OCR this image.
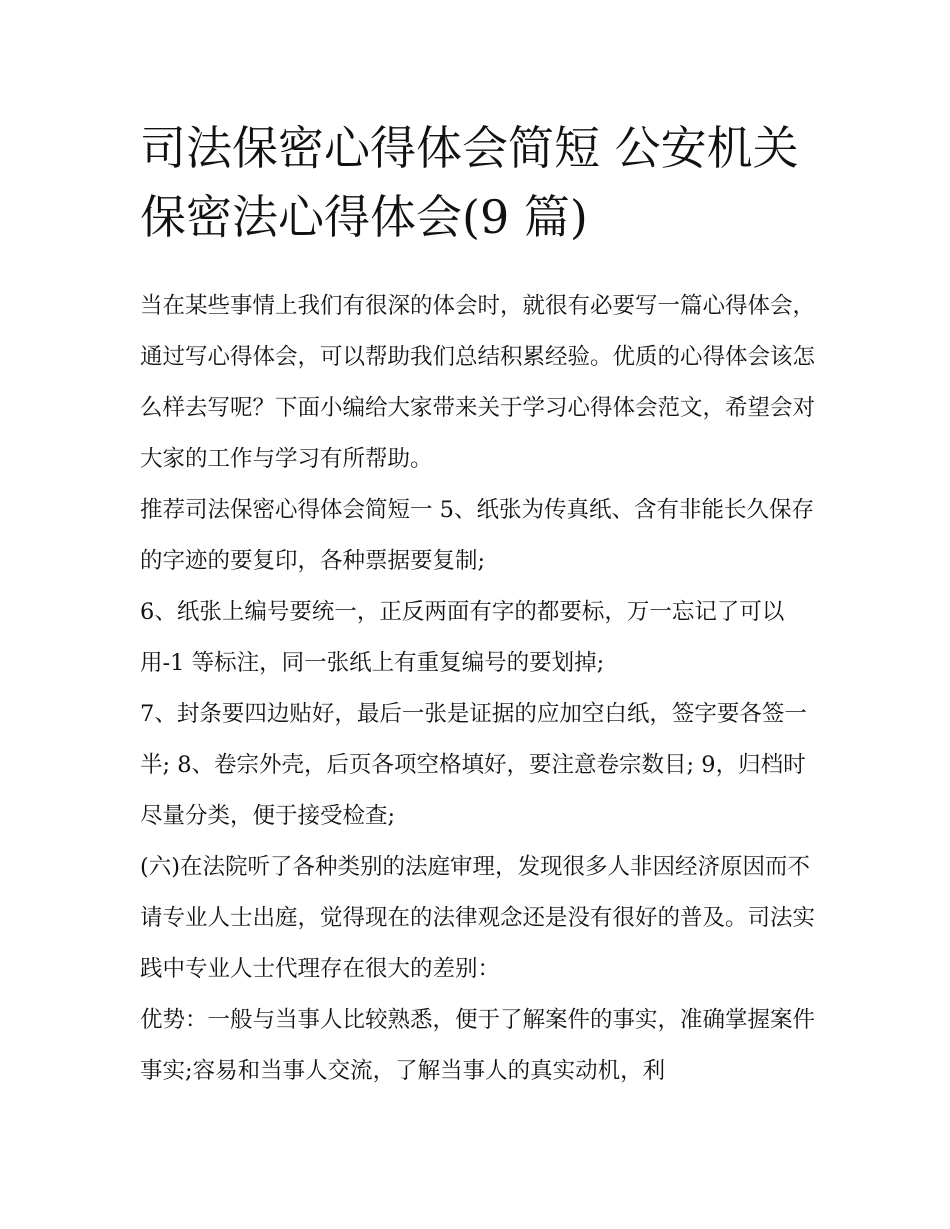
司法保密心得体会简短 公安机关保密法心得体会(9 篇)

当在某些事情上我们有很深的体会时，就很有必要写一篇心得体会，通过写心得体会，可以帮助我们总结积累经验。优质的心得体会该怎么样去写呢？下面小编给大家带来关于学习心得体会范文，希望会对大家的工作与学习有所帮助。

推荐司法保密心得体会简短一 5、纸张为传真纸、含有非能长久保存的字迹的要复印，各种票据要复制;

6、纸张上编号要统一，正反两面有字的都要标，万一忘记了可以用-1 等标注，同一张纸上有重复编号的要划掉;

7、封条要四边贴好，最后一张是证据的应加空白纸，签字要各签一半; 8、卷宗外壳，后页各项空格填好，要注意卷宗数目; 9，归档时尽量分类，便于接受检查;

(六)在法院听了各种类别的法庭审理，发现很多人非因经济原因而不请专业人士出庭，觉得现在的法律观念还是没有很好的普及。司法实践中专业人士代理存在很大的差别：

优势：一般与当事人比较熟悉，便于了解案件的事实，准确掌握案件事实;容易和当事人交流，了解当事人的真实动机，利
